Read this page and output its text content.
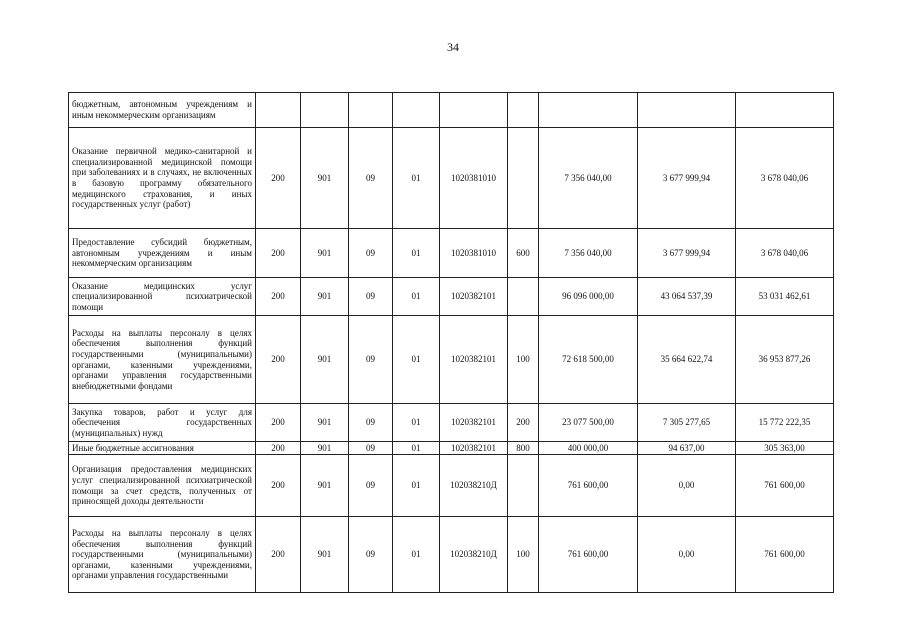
34
бюджетным, автономным учреждениям и иным некоммерческим организациям									
Оказание первичной медико-санитарной и специализированной медицинской помощи при заболеваниях и в случаях, не включенных в базовую программу обязательного медицинского страхования, и иных государственных услуг (работ)	200	901	09	01	1020381010		7 356 040,00	3 677 999,94	3 678 040,06
Предоставление субсидий бюджетным, автономным учреждениям и иным некоммерческим организациям	200	901	09	01	1020381010	600	7 356 040,00	3 677 999,94	3 678 040,06
Оказание медицинских услуг специализированной психиатрической помощи	200	901	09	01	1020382101		96 096 000,00	43 064 537,39	53 031 462,61
Расходы на выплаты персоналу в целях обеспечения выполнения функций государственными (муниципальными) органами, казенными учреждениями, органами управления государственными внебюджетными фондами	200	901	09	01	1020382101	100	72 618 500,00	35 664 622,74	36 953 877,26
Закупка товаров, работ и услуг для обеспечения государственных (муниципальных) нужд	200	901	09	01	1020382101	200	23 077 500,00	7 305 277,65	15 772 222,35
Иные бюджетные ассигнования	200	901	09	01	1020382101	800	400 000,00	94 637,00	305 363,00
Организация предоставления медицинских услуг специализированной психиатрической помощи за счет средств, полученных от приносящей доходы деятельности	200	901	09	01	102038210Д		761 600,00	0,00	761 600,00
Расходы на выплаты персоналу в целях обеспечения выполнения функций государственными (муниципальными) органами, казенными учреждениями, органами управления государственными	200	901	09	01	102038210Д	100	761 600,00	0,00	761 600,00
